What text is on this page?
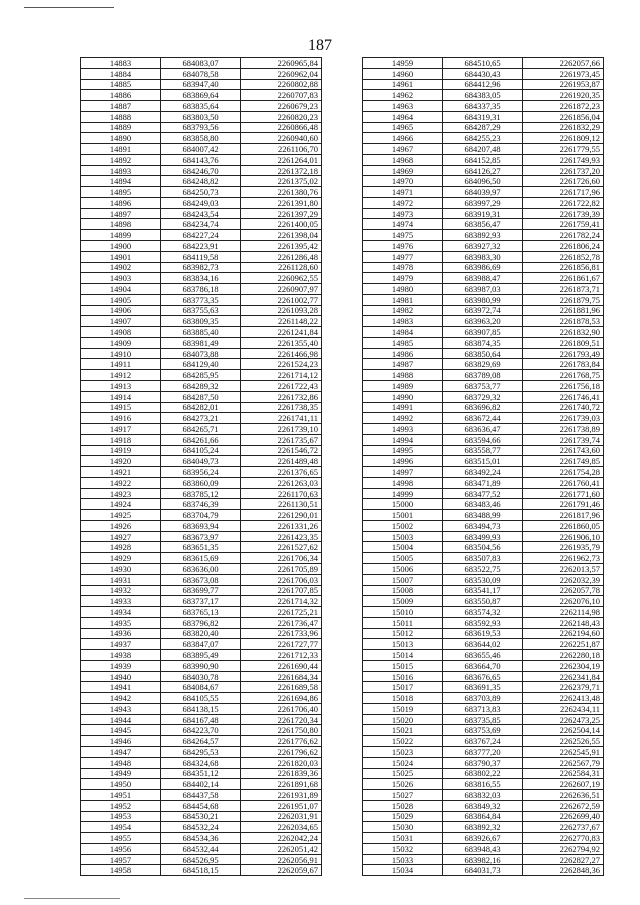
187
14883	684083,07	2260965,84
14884	684078,58	2260962,04
14885	683947,40	2260802,88
14886	683869,64	2260707,83
14887	683835,64	2260679,23
14888	683803,50	2260820,23
14889	683793,56	2260866,48
14890	683858,80	2260940,60
14891	684007,42	2261106,70
14892	684143,76	2261264,01
14893	684246,70	2261372,18
14894	684248,82	2261375,02
14895	684250,73	2261380,76
14896	684249,03	2261391,80
14897	684243,54	2261397,29
14898	684234,74	2261400,05
14899	684227,24	2261398,04
14900	684223,91	2261395,42
14901	684119,58	2261286,48
14902	683982,73	2261128,60
14903	683834,16	2260962,55
14904	683786,18	2260907,97
14905	683773,35	2261002,77
14906	683755,63	2261093,28
14907	683809,35	2261148,22
14908	683885,40	2261241,84
14909	683981,49	2261355,40
14910	684073,88	2261466,98
14911	684129,40	2261524,23
14912	684285,95	2261714,12
14913	684289,32	2261722,43
14914	684287,50	2261732,86
14915	684282,01	2261738,35
14916	684273,21	2261741,11
14917	684265,71	2261739,10
14918	684261,66	2261735,67
14919	684105,24	2261546,72
14920	684049,73	2261489,48
14921	683956,24	2261376,65
14922	683860,09	2261263,03
14923	683785,12	2261170,63
14924	683746,39	2261130,51
14925	683704,79	2261290,01
14926	683693,94	2261331,26
14927	683673,97	2261423,35
14928	683651,35	2261527,62
14929	683615,69	2261706,34
14930	683636,00	2261705,89
14931	683673,08	2261706,03
14932	683699,77	2261707,85
14933	683737,17	2261714,32
14934	683765,13	2261725,21
14935	683796,82	2261736,47
14936	683820,40	2261733,96
14937	683847,07	2261727,77
14938	683895,49	2261712,33
14939	683990,90	2261690,44
14940	684030,78	2261684,34
14941	684084,67	2261689,58
14942	684105,55	2261694,86
14943	684138,15	2261706,40
14944	684167,48	2261720,34
14945	684223,70	2261750,80
14946	684264,57	2261776,62
14947	684295,53	2261796,62
14948	684324,68	2261820,03
14949	684351,12	2261839,36
14950	684402,14	2261891,68
14951	684437,58	2261931,89
14952	684454,68	2261951,07
14953	684530,21	2262031,91
14954	684532,24	2262034,65
14955	684534,36	2262042,24
14956	684532,44	2262051,42
14957	684526,95	2262056,91
14958	684518,15	2262059,67
14959	684510,65	2262057,66
14960	684430,43	2261973,45
14961	684412,96	2261953,87
14962	684383,05	2261920,35
14963	684337,35	2261872,23
14964	684319,31	2261856,04
14965	684287,29	2261832,29
14966	684255,23	2261809,12
14967	684207,48	2261779,55
14968	684152,85	2261749,93
14969	684126,27	2261737,20
14970	684096,50	2261726,60
14971	684039,97	2261717,96
14972	683997,29	2261722,82
14973	683919,31	2261739,39
14974	683856,47	2261759,41
14975	683892,93	2261782,24
14976	683927,32	2261806,24
14977	683983,30	2261852,78
14978	683986,69	2261856,81
14979	683988,47	2261861,67
14980	683987,03	2261873,71
14981	683980,99	2261879,75
14982	683972,74	2261881,96
14983	683963,20	2261878,53
14984	683907,85	2261832,90
14985	683874,35	2261809,51
14986	683850,64	2261793,49
14987	683829,69	2261783,84
14988	683789,08	2261768,75
14989	683753,77	2261756,18
14990	683729,32	2261746,41
14991	683696,82	2261740,72
14992	683672,44	2261739,03
14993	683636,47	2261738,89
14994	683594,66	2261739,74
14995	683558,77	2261743,60
14996	683515,01	2261749,85
14997	683492,24	2261754,28
14998	683471,89	2261760,41
14999	683477,52	2261771,60
15000	683483,46	2261791,46
15001	683488,99	2261817,96
15002	683494,73	2261860,05
15003	683499,93	2261906,10
15004	683504,56	2261935,79
15005	683507,83	2261962,73
15006	683522,75	2262013,57
15007	683530,09	2262032,39
15008	683541,17	2262057,78
15009	683550,87	2262076,10
15010	683574,32	2262114,98
15011	683592,93	2262148,43
15012	683619,53	2262194,60
15013	683644,02	2262251,87
15014	683655,46	2262280,18
15015	683664,70	2262304,19
15016	683676,65	2262341,84
15017	683691,35	2262379,71
15018	683703,89	2262413,48
15019	683713,83	2262434,11
15020	683735,85	2262473,25
15021	683753,69	2262504,14
15022	683767,24	2262526,55
15023	683777,20	2262545,91
15024	683790,37	2262567,79
15025	683802,22	2262584,31
15026	683816,55	2262607,19
15027	683832,03	2262636,51
15028	683849,32	2262672,59
15029	683864,84	2262699,40
15030	683892,32	2262737,67
15031	683926,67	2262770,83
15032	683948,43	2262794,92
15033	683982,16	2262827,27
15034	684031,73	2262848,36
